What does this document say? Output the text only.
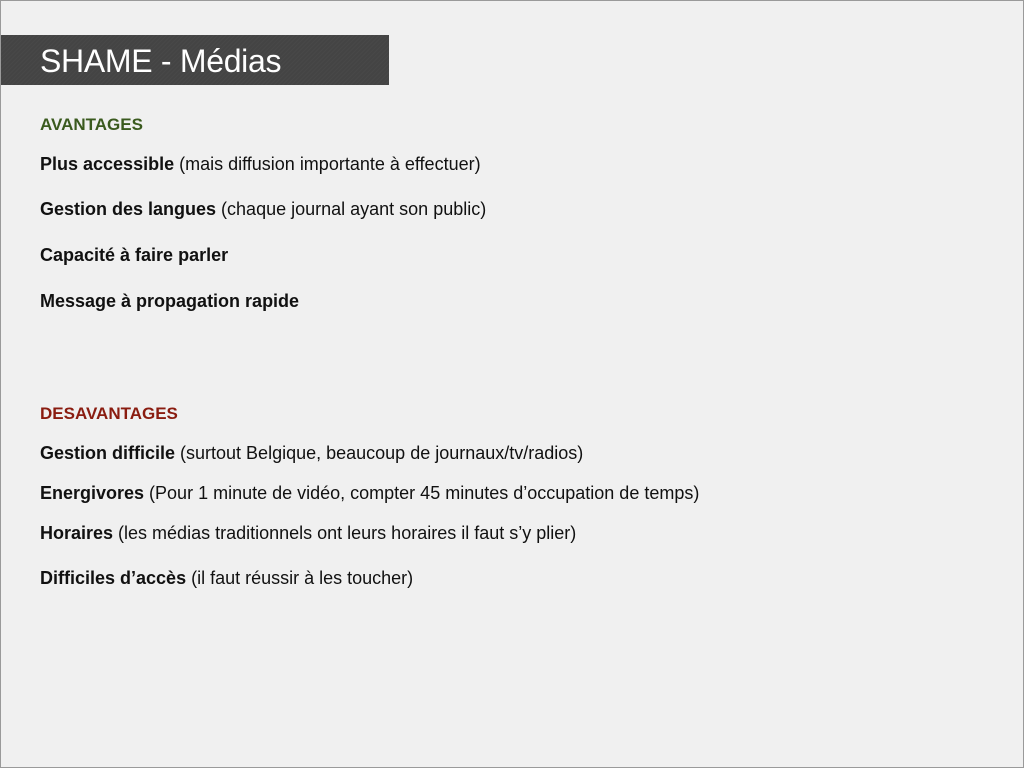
SHAME - Médias
AVANTAGES
Plus accessible (mais diffusion importante à effectuer)
Gestion des langues (chaque journal ayant son public)
Capacité à faire parler
Message à propagation rapide
DESAVANTAGES
Gestion difficile (surtout Belgique, beaucoup de journaux/tv/radios)
Energivores (Pour 1 minute de vidéo, compter 45 minutes d’occupation de temps)
Horaires (les médias traditionnels ont leurs horaires il faut s’y plier)
Difficiles d’accès (il faut réussir à les toucher)
